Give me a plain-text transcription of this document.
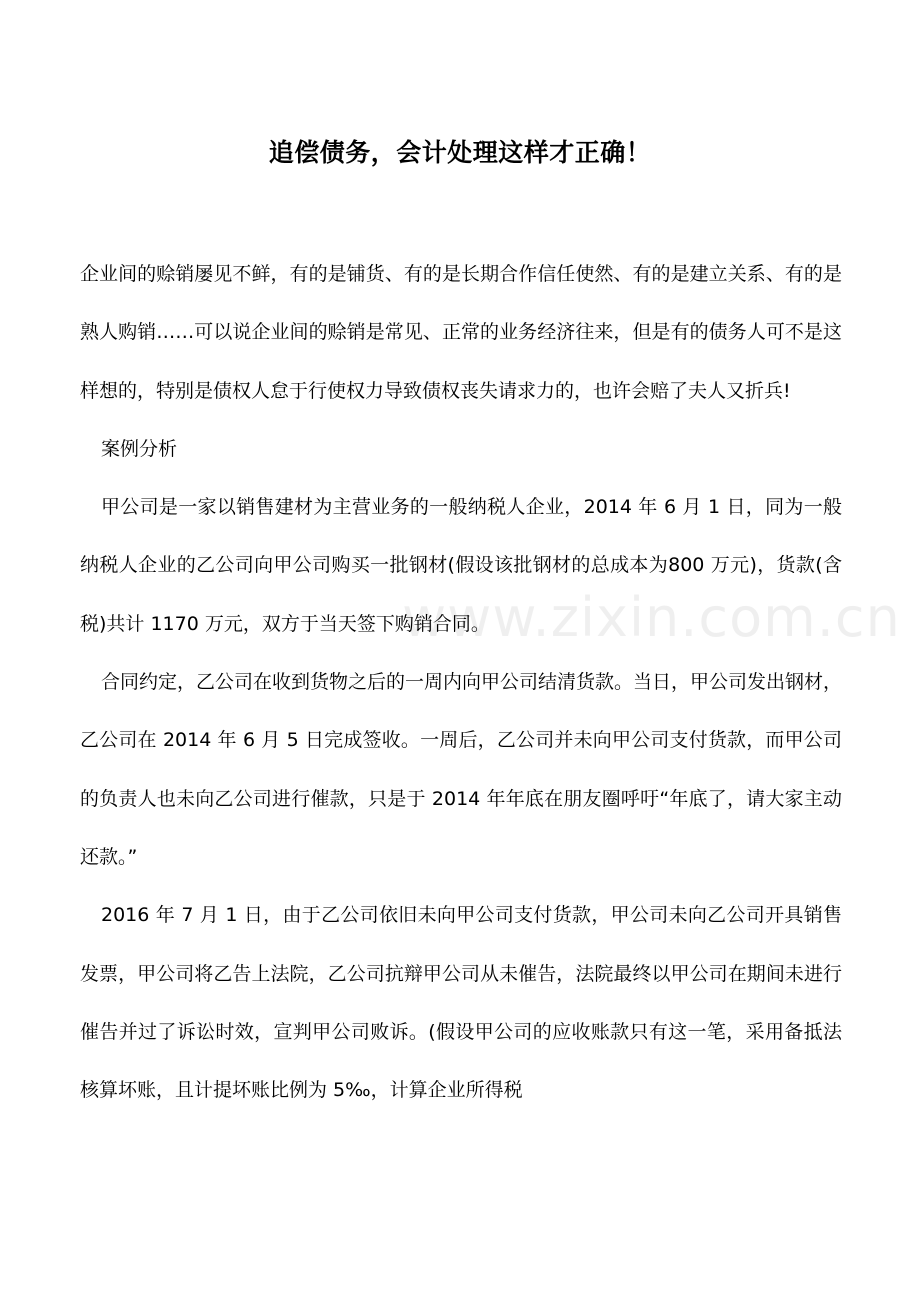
www.zixin.com.cn
追偿债务，会计处理这样才正确！

企业间的赊销屡见不鲜，有的是铺货、有的是长期合作信任使然、有的是建立关系、有的是熟人购销……可以说企业间的赊销是常见、正常的业务经济往来，但是有的债务人可不是这样想的，特别是债权人怠于行使权力导致债权丧失请求力的，也许会赔了夫人又折兵!

案例分析

甲公司是一家以销售建材为主营业务的一般纳税人企业，2014 年 6 月 1 日，同为一般纳税人企业的乙公司向甲公司购买一批钢材(假设该批钢材的总成本为800 万元)，货款(含税)共计 1170 万元，双方于当天签下购销合同。

合同约定，乙公司在收到货物之后的一周内向甲公司结清货款。当日，甲公司发出钢材，乙公司在 2014 年 6 月 5 日完成签收。一周后，乙公司并未向甲公司支付货款，而甲公司的负责人也未向乙公司进行催款，只是于 2014 年年底在朋友圈呼吁“年底了，请大家主动还款。”

2016 年 7 月 1 日，由于乙公司依旧未向甲公司支付货款，甲公司未向乙公司开具销售发票，甲公司将乙告上法院，乙公司抗辩甲公司从未催告，法院最终以甲公司在期间未进行催告并过了诉讼时效，宣判甲公司败诉。(假设甲公司的应收账款只有这一笔，采用备抵法核算坏账，且计提坏账比例为 5‰，计算企业所得税
